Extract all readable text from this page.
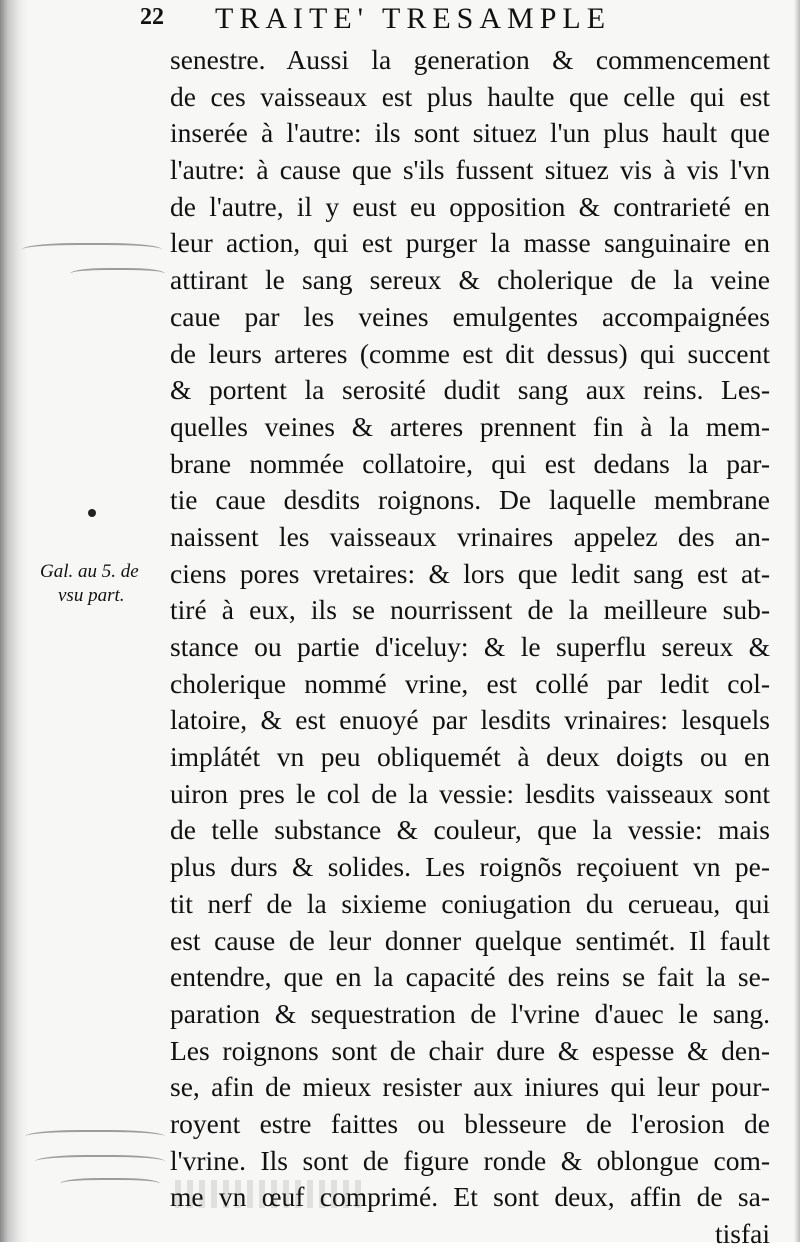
22 TRAITE' TRESAMPLE
senestre. Aussi la generation & commencement
de ces vaisseaux est plus haulte que celle qui est
inserée à l'autre: ils sont situez l'un plus hault que
l'autre: à cause que s'ils fussent situez vis à vis l'vn
de l'autre, il y eust eu opposition & contrarieté en
leur action, qui est purger la masse sanguinaire en
attirant le sang sereux & cholerique de la veine
caue par les veines emulgentes accompaignées
de leurs arteres (comme est dit dessus) qui succent
& portent la serosité dudit sang aux reins. Les-
quelles veines & arteres prennent fin à la mem-
brane nommée collatoire, qui est dedans la par-
tie caue desdits roignons. De laquelle membrane
naissent les vaisseaux vrinaires appelez des an-
ciens pores vretaires: & lors que ledit sang est at-
tiré à eux, ils se nourrissent de la meilleure sub-
stance ou partie d'iceluy: & le superflu sereux &
cholerique nommé vrine, est collé par ledit col-
latoire, & est enuoyé par lesdits vrinaires: lesquels
implátét vn peu obliquemét à deux doigts ou en
uiron pres le col de la vessie: lesdits vaisseaux sont
de telle substance & couleur, que la vessie: mais
plus durs & solides. Les roignõs reçoiuent vn pe-
tit nerf de la sixieme coniugation du cerueau, qui
est cause de leur donner quelque sentimét. Il fault
entendre, que en la capacité des reins se fait la se-
paration & sequestration de l'vrine d'auec le sang.
Les roignons sont de chair dure & espesse & den-
se, afin de mieux resister aux iniures qui leur pour-
royent estre faittes ou blesseure de l'erosion de
l'vrine. Ils sont de figure ronde & oblongue com-
me vn œuf comprimé. Et sont deux, affin de sa-
tisfai

Gal. au 5. de

vsu part.
